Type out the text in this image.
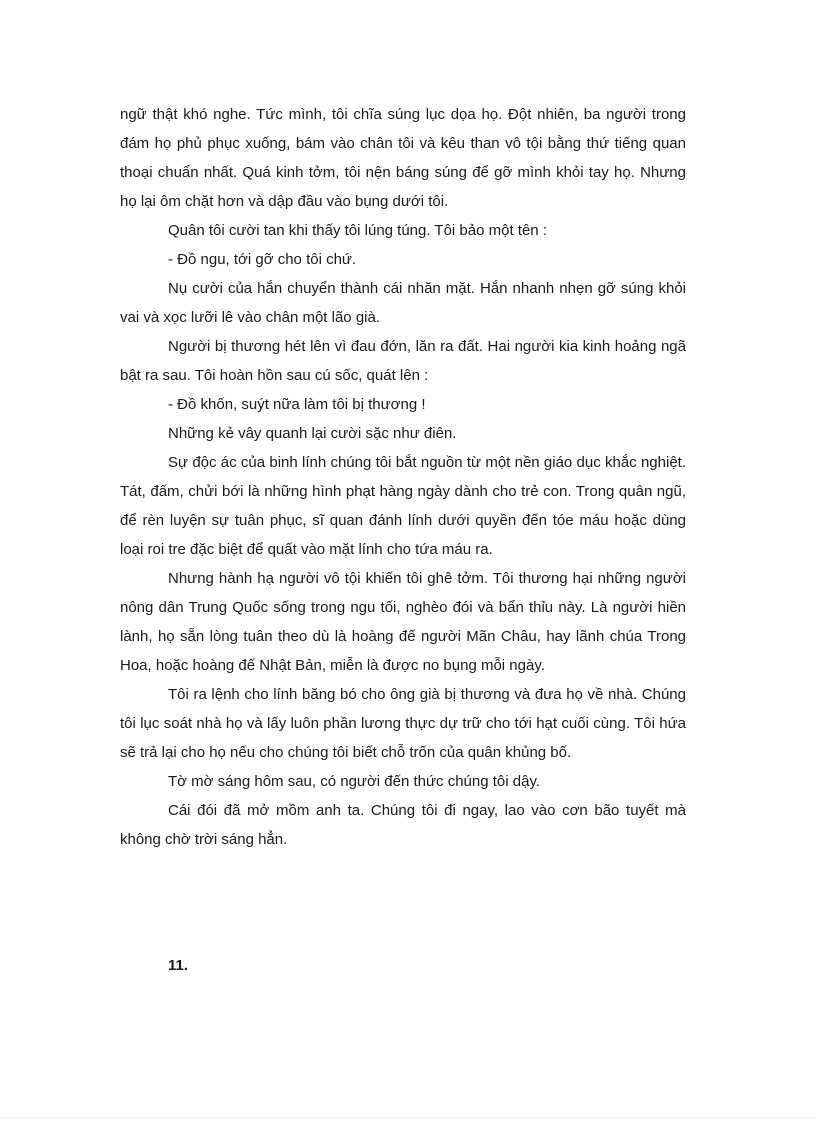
ngữ thật khó nghe. Tức mình, tôi chĩa súng lục dọa họ. Đột nhiên, ba người trong đám họ phủ phục xuống, bám vào chân tôi và kêu than vô tội bằng thứ tiếng quan thoại chuẩn nhất. Quá kinh tởm, tôi nện báng súng để gỡ mình khỏi tay họ. Nhưng họ lại ôm chặt hơn và dập đầu vào bụng dưới tôi.

Quân tôi cười tan khi thấy tôi lúng túng. Tôi bảo một tên :

- Đồ ngu, tới gỡ cho tôi chứ.

Nụ cười của hắn chuyển thành cái nhăn mặt. Hắn nhanh nhẹn gỡ súng khỏi vai và xọc lưỡi lê vào chân một lão già.

Người bị thương hét lên vì đau đớn, lăn ra đất. Hai người kia kinh hoảng ngã bật ra sau. Tôi hoàn hồn sau cú sốc, quát lên :

- Đồ khốn, suýt nữa làm tôi bị thương !

Những kẻ vây quanh lại cười sặc như điên.

Sự độc ác của binh lính chúng tôi bắt nguồn từ một nền giáo dục khắc nghiệt. Tát, đấm, chửi bới là những hình phạt hàng ngày dành cho trẻ con. Trong quân ngũ, để rèn luyện sự tuân phục, sĩ quan đánh lính dưới quyền đến tóe máu hoặc dùng loại roi tre đặc biệt để quất vào mặt lính cho tứa máu ra.

Nhưng hành hạ người vô tội khiến tôi ghê tởm. Tôi thương hại những người nông dân Trung Quốc sống trong ngu tối, nghèo đói và bẩn thỉu này. Là người hiền lành, họ sẵn lòng tuân theo dù là hoàng đế người Mãn Châu, hay lãnh chúa Trong Hoa, hoặc hoàng đế Nhật Bản, miễn là được no bụng mỗi ngày.

Tôi ra lệnh cho lính băng bó cho ông già bị thương và đưa họ về nhà. Chúng tôi lục soát nhà họ và lấy luôn phần lương thực dự trữ cho tới hạt cuối cùng. Tôi hứa sẽ trả lại cho họ nếu cho chúng tôi biết chỗ trốn của quân khủng bố.

Tờ mờ sáng hôm sau, có người đến thức chúng tôi dậy.

Cái đói đã mở mồm anh ta. Chúng tôi đi ngay, lao vào cơn bão tuyết mà không chờ trời sáng hẳn.

11.
